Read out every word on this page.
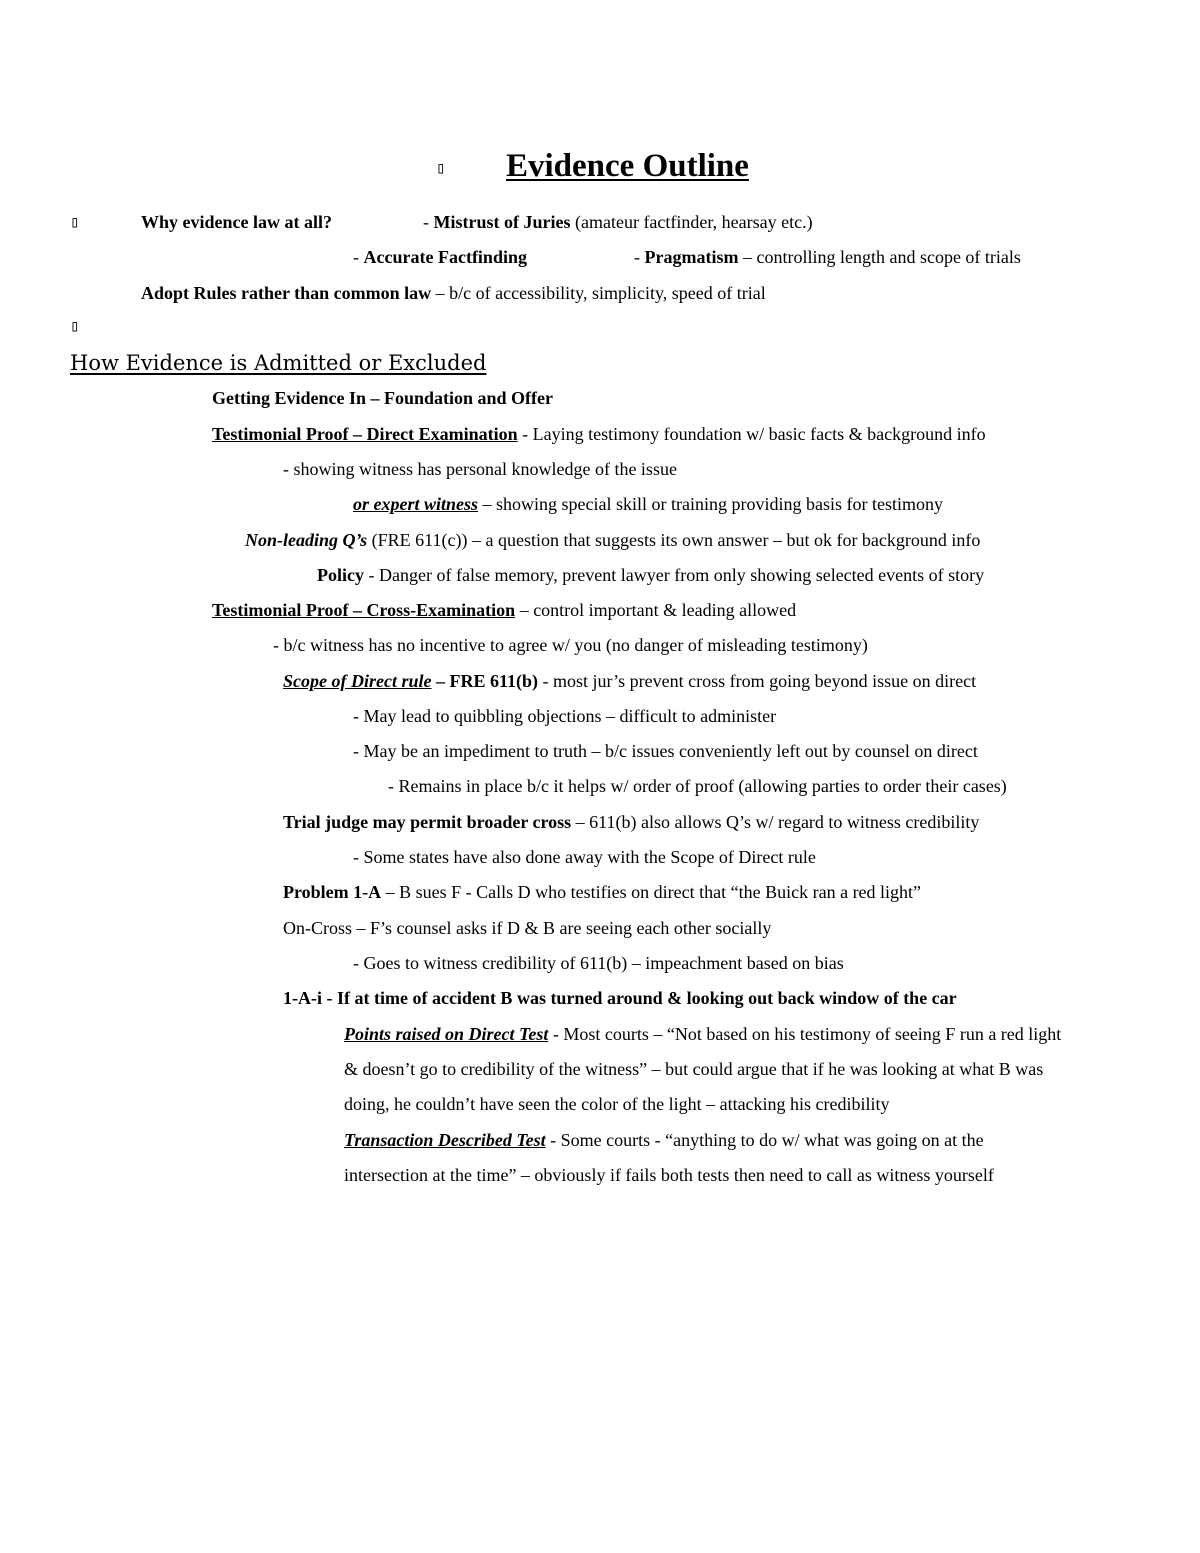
▯ Evidence Outline
▯	Why evidence law at all?	- Mistrust of Juries (amateur factfinder, hearsay etc.)
- Accurate Factfinding	- Pragmatism – controlling length and scope of trials
Adopt Rules rather than common law – b/c of accessibility, simplicity, speed of trial
▯
How Evidence is Admitted or Excluded
Getting Evidence In – Foundation and Offer
Testimonial Proof – Direct Examination - Laying testimony foundation w/ basic facts & background info
- showing witness has personal knowledge of the issue
or expert witness – showing special skill or training providing basis for testimony
Non-leading Q’s (FRE 611(c)) – a question that suggests its own answer – but ok for background info
Policy - Danger of false memory, prevent lawyer from only showing selected events of story
Testimonial Proof – Cross-Examination – control important & leading allowed
- b/c witness has no incentive to agree w/ you (no danger of misleading testimony)
Scope of Direct rule – FRE 611(b) - most jur’s prevent cross from going beyond issue on direct
- May lead to quibbling objections – difficult to administer
- May be an impediment to truth – b/c issues conveniently left out by counsel on direct
- Remains in place b/c it helps w/ order of proof (allowing parties to order their cases)
Trial judge may permit broader cross – 611(b) also allows Q’s w/ regard to witness credibility
- Some states have also done away with the Scope of Direct rule
Problem 1-A – B sues F - Calls D who testifies on direct that “the Buick ran a red light”
On-Cross – F’s counsel asks if D & B are seeing each other socially
- Goes to witness credibility of 611(b) – impeachment based on bias
1-A-i - If at time of accident B was turned around & looking out back window of the car
Points raised on Direct Test - Most courts – “Not based on his testimony of seeing F run a red light
& doesn’t go to credibility of the witness” – but could argue that if he was looking at what B was
doing, he couldn’t have seen the color of the light – attacking his credibility
Transaction Described Test - Some courts - “anything to do w/ what was going on at the
intersection at the time” – obviously if fails both tests then need to call as witness yourself
